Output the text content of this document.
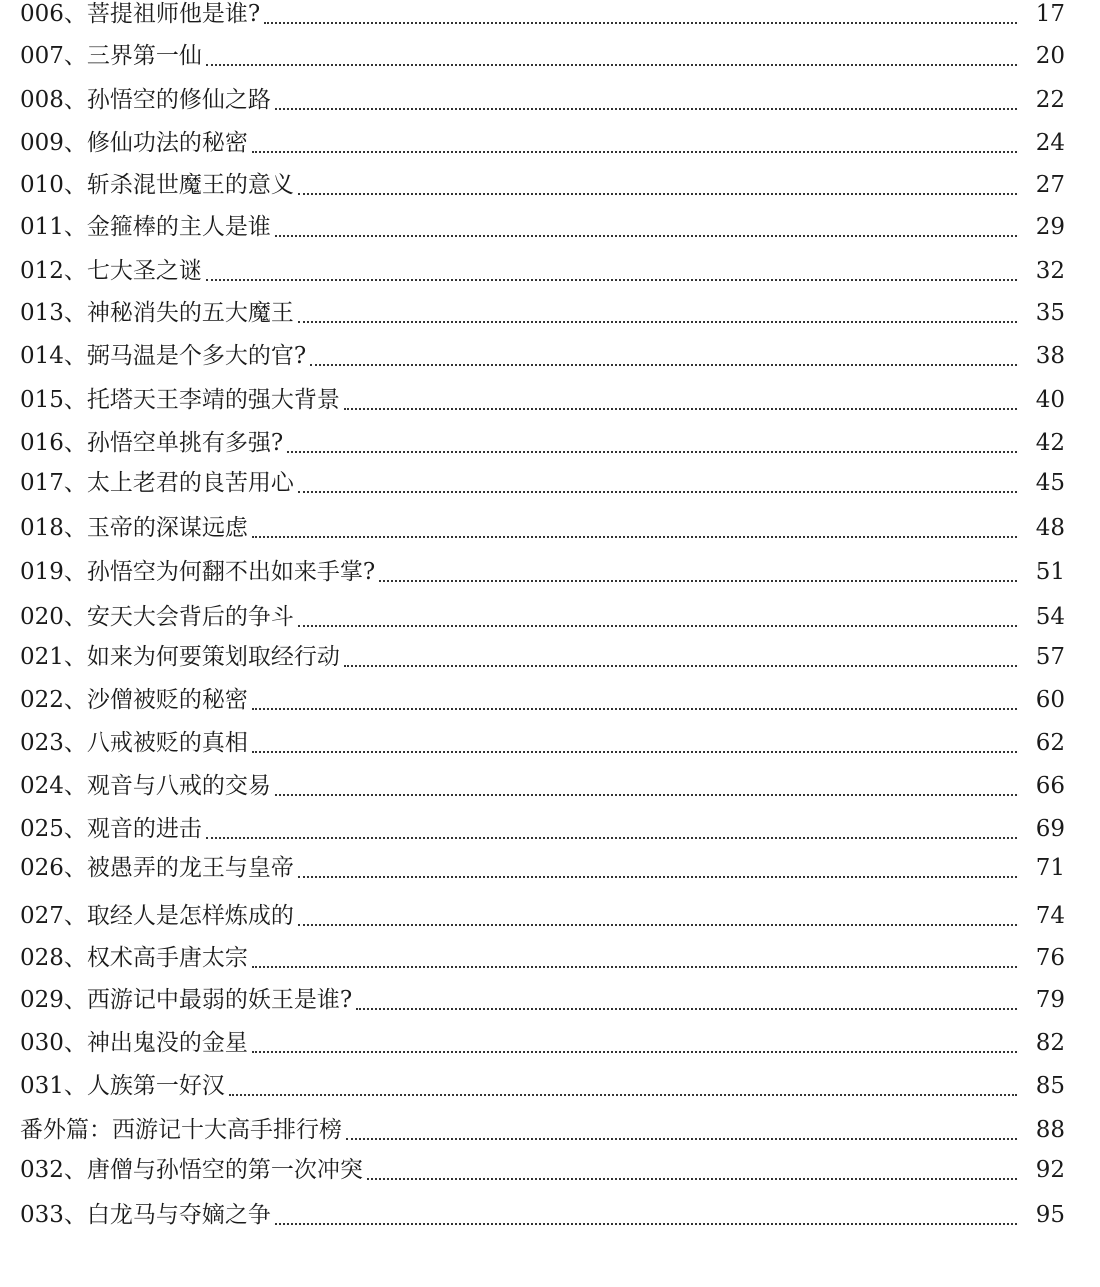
006、菩提祖师他是谁?	17
007、三界第一仙	20
008、孙悟空的修仙之路	22
009、修仙功法的秘密	24
010、斩杀混世魔王的意义	27
011、金箍棒的主人是谁	29
012、七大圣之谜	32
013、神秘消失的五大魔王	35
014、弼马温是个多大的官?	38
015、托塔天王李靖的强大背景	40
016、孙悟空单挑有多强?	42
017、太上老君的良苦用心	45
018、玉帝的深谋远虑	48
019、孙悟空为何翻不出如来手掌?	51
020、安天大会背后的争斗	54
021、如来为何要策划取经行动	57
022、沙僧被贬的秘密	60
023、八戒被贬的真相	62
024、观音与八戒的交易	66
025、观音的进击	69
026、被愚弄的龙王与皇帝	71
027、取经人是怎样炼成的	74
028、权术高手唐太宗	76
029、西游记中最弱的妖王是谁?	79
030、神出鬼没的金星	82
031、人族第一好汉	85
番外篇：西游记十大高手排行榜	88
032、唐僧与孙悟空的第一次冲突	92
033、白龙马与夺嫡之争	95
